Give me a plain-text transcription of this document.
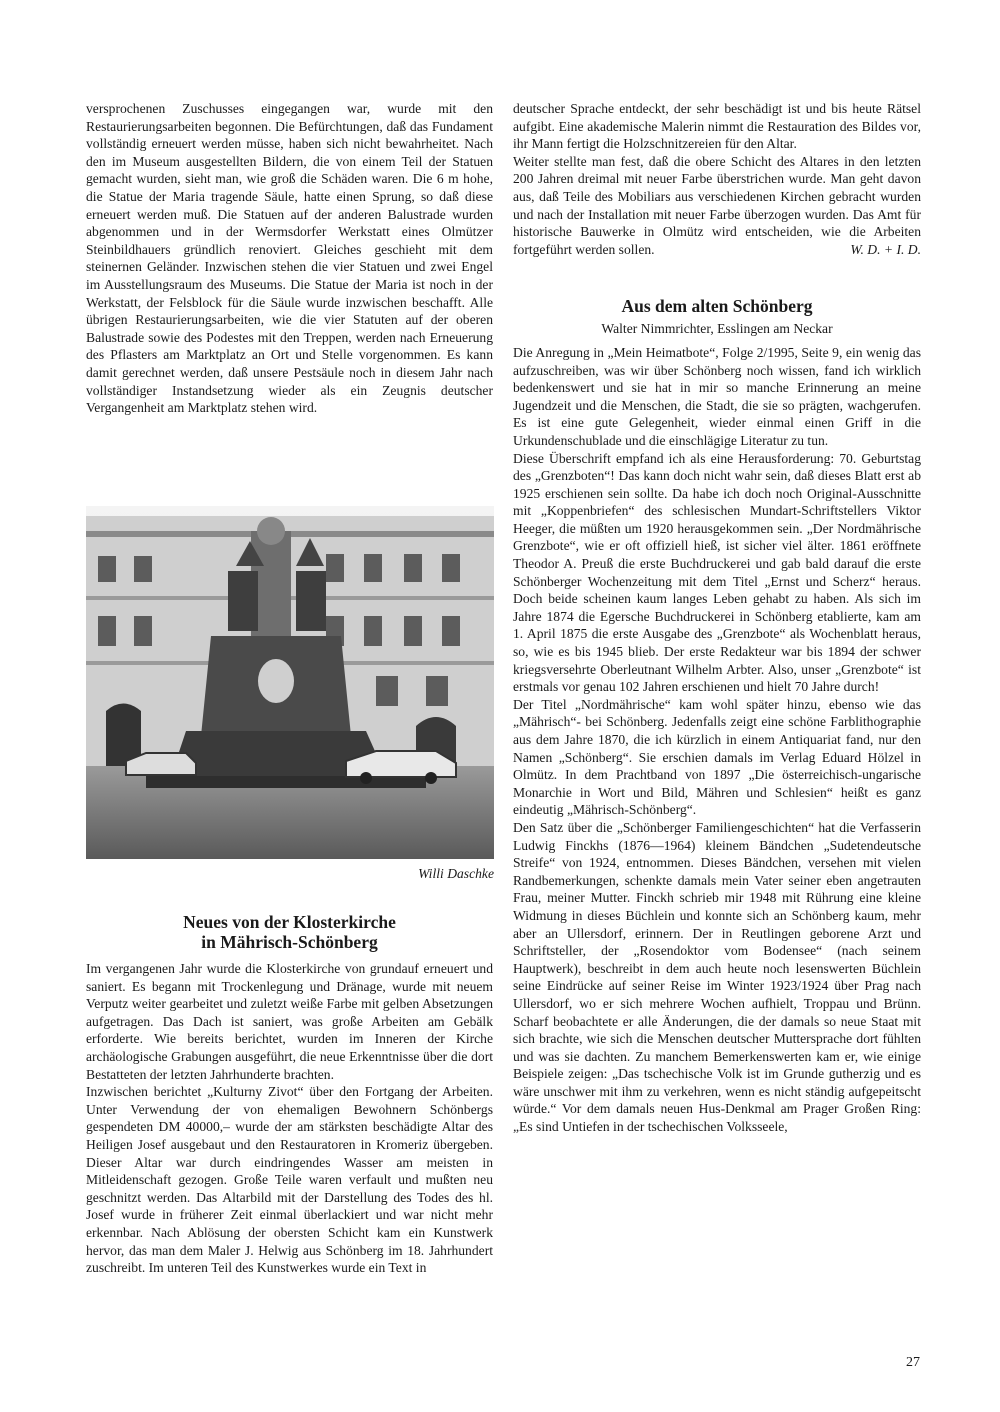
versprochenen Zuschusses eingegangen war, wurde mit den Restaurierungsarbeiten begonnen. Die Befürchtungen, daß das Fundament vollständig erneuert werden müsse, haben sich nicht bewahrheitet. Nach den im Museum ausgestellten Bildern, die von einem Teil der Statuen gemacht wurden, sieht man, wie groß die Schäden waren. Die 6 m hohe, die Statue der Maria tragende Säule, hatte einen Sprung, so daß diese erneuert werden muß. Die Statuen auf der anderen Balustrade wurden abgenommen und in der Wermsdorfer Werkstatt eines Olmützer Steinbildhauers gründlich renoviert. Gleiches geschieht mit dem steinernen Geländer. Inzwischen stehen die vier Statuen und zwei Engel im Ausstellungsraum des Museums. Die Statue der Maria ist noch in der Werkstatt, der Felsblock für die Säule wurde inzwischen beschafft. Alle übrigen Restaurierungsarbeiten, wie die vier Statuten auf der oberen Balustrade sowie des Podestes mit den Treppen, werden nach Erneuerung des Pflasters am Marktplatz an Ort und Stelle vorgenommen. Es kann damit gerechnet werden, daß unsere Pestsäule noch in diesem Jahr nach vollständiger Instandsetzung wieder als ein Zeugnis deutscher Vergangenheit am Marktplatz stehen wird.

Willi Daschke
Neues von der Klosterkirche
in Mährisch-Schönberg

Im vergangenen Jahr wurde die Klosterkirche von grundauf erneuert und saniert. Es begann mit Trockenlegung und Dränage, wurde mit neuem Verputz weiter gearbeitet und zuletzt weiße Farbe mit gelben Absetzungen aufgetragen. Das Dach ist saniert, was große Arbeiten am Gebälk erforderte. Wie bereits berichtet, wurden im Inneren der Kirche archäologische Grabungen ausgeführt, die neue Erkenntnisse über die dort Bestatteten der letzten Jahrhunderte brachten.

Inzwischen berichtet „Kulturny Zivot“ über den Fortgang der Arbeiten. Unter Verwendung der von ehemaligen Bewohnern Schönbergs gespendeten DM 40000,– wurde der am stärksten beschädigte Altar des Heiligen Josef ausgebaut und den Restauratoren in Kromeriz übergeben. Dieser Altar war durch eindringendes Wasser am meisten in Mitleidenschaft gezogen. Große Teile waren verfault und mußten neu geschnitzt werden. Das Altarbild mit der Darstellung des Todes des hl. Josef wurde in früherer Zeit einmal überlackiert und war nicht mehr erkennbar. Nach Ablösung der obersten Schicht kam ein Kunstwerk hervor, das man dem Maler J. Helwig aus Schönberg im 18. Jahrhundert zuschreibt. Im unteren Teil des Kunstwerkes wurde ein Text in

deutscher Sprache entdeckt, der sehr beschädigt ist und bis heute Rätsel aufgibt. Eine akademische Malerin nimmt die Restauration des Bildes vor, ihr Mann fertigt die Holzschnitzereien für den Altar.

Weiter stellte man fest, daß die obere Schicht des Altares in den letzten 200 Jahren dreimal mit neuer Farbe überstrichen wurde. Man geht davon aus, daß Teile des Mobiliars aus verschiedenen Kirchen gebracht wurden und nach der Installation mit neuer Farbe überzogen wurden. Das Amt für historische Bauwerke in Olmütz wird entscheiden, wie die Arbeiten fortgeführt werden sollen.	W. D. + I. D.

Aus dem alten Schönberg
Walter Nimmrichter, Esslingen am Neckar

Die Anregung in „Mein Heimatbote“, Folge 2/1995, Seite 9, ein wenig das aufzuschreiben, was wir über Schönberg noch wissen, fand ich wirklich bedenkenswert und sie hat in mir so manche Erinnerung an meine Jugendzeit und die Menschen, die Stadt, die sie so prägten, wachgerufen. Es ist eine gute Gelegenheit, wieder einmal einen Griff in die Urkundenschublade und die einschlägige Literatur zu tun.

Diese Überschrift empfand ich als eine Herausforderung: 70. Geburtstag des „Grenzboten“! Das kann doch nicht wahr sein, daß dieses Blatt erst ab 1925 erschienen sein sollte. Da habe ich doch noch Original-Ausschnitte mit „Koppenbriefen“ des schlesischen Mundart-Schriftstellers Viktor Heeger, die müßten um 1920 herausgekommen sein. „Der Nordmährische Grenzbote“, wie er oft offiziell hieß, ist sicher viel älter. 1861 eröffnete Theodor A. Preuß die erste Buchdruckerei und gab bald darauf die erste Schönberger Wochenzeitung mit dem Titel „Ernst und Scherz“ heraus. Doch beide scheinen kaum langes Leben gehabt zu haben. Als sich im Jahre 1874 die Egersche Buchdruckerei in Schönberg etablierte, kam am 1. April 1875 die erste Ausgabe des „Grenzbote“ als Wochenblatt heraus, so, wie es bis 1945 blieb. Der erste Redakteur war bis 1894 der schwer kriegsversehrte Oberleutnant Wilhelm Arbter. Also, unser „Grenzbote“ ist erstmals vor genau 102 Jahren erschienen und hielt 70 Jahre durch!

Der Titel „Nordmährische“ kam wohl später hinzu, ebenso wie das „Mährisch“- bei Schönberg. Jedenfalls zeigt eine schöne Farblithographie aus dem Jahre 1870, die ich kürzlich in einem Antiquariat fand, nur den Namen „Schönberg“. Sie erschien damals im Verlag Eduard Hölzel in Olmütz. In dem Prachtband von 1897 „Die österreichisch-ungarische Monarchie in Wort und Bild, Mähren und Schlesien“ heißt es ganz eindeutig „Mährisch-Schönberg“.

Den Satz über die „Schönberger Familiengeschichten“ hat die Verfasserin Ludwig Finckhs (1876—1964) kleinem Bändchen „Sudetendeutsche Streife“ von 1924, entnommen. Dieses Bändchen, versehen mit vielen Randbemerkungen, schenkte damals mein Vater seiner eben angetrauten Frau, meiner Mutter. Finckh schrieb mir 1948 mit Rührung eine kleine Widmung in dieses Büchlein und konnte sich an Schönberg kaum, mehr aber an Ullersdorf, erinnern. Der in Reutlingen geborene Arzt und Schriftsteller, der „Rosendoktor vom Bodensee“ (nach seinem Hauptwerk), beschreibt in dem auch heute noch lesenswerten Büchlein seine Eindrücke auf seiner Reise im Winter 1923/1924 über Prag nach Ullersdorf, wo er sich mehrere Wochen aufhielt, Troppau und Brünn. Scharf beobachtete er alle Änderungen, die der damals so neue Staat mit sich brachte, wie sich die Menschen deutscher Muttersprache dort fühlten und was sie dachten. Zu manchem Bemerkenswerten kam er, wie einige Beispiele zeigen: „Das tschechische Volk ist im Grunde gutherzig und es wäre unschwer mit ihm zu verkehren, wenn es nicht ständig aufgepeitscht würde.“ Vor dem damals neuen Hus-Denkmal am Prager Großen Ring: „Es sind Untiefen in der tschechischen Volksseele,

27
